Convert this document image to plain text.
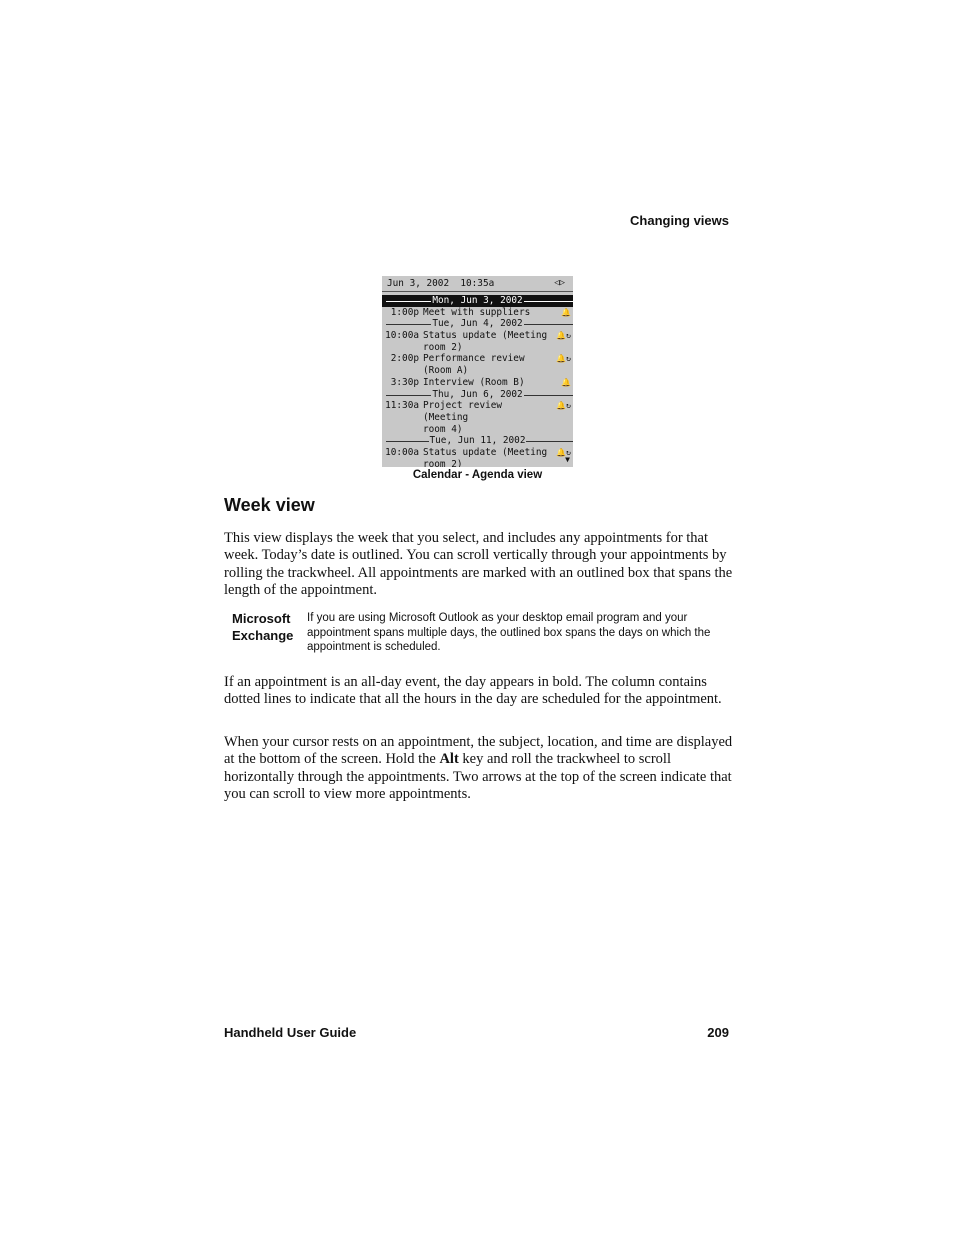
Changing views
Jun 3, 2002  10:35a	◁▷
Mon, Jun 3, 2002
1:00p Meet with suppliers	🔔
Tue, Jun 4, 2002
10:00a Status update (Meeting	🔔↻
room 2)
2:00p Performance review	🔔↻
(Room A)
3:30p Interview (Room B)	🔔
Thu, Jun 6, 2002
11:30a Project review (Meeting
🔔↻
room 4)
Tue, Jun 11, 2002
10:00a Status update (Meeting	🔔↻
room 2)	▼
Calendar - Agenda view
Week view

This view displays the week that you select, and includes any appointments for that week. Today’s date is outlined. You can scroll vertically through your appointments by rolling the trackwheel. All appointments are marked with an outlined box that spans the length of the appointment.

Microsoft
Exchange
If you are using Microsoft Outlook as your desktop email program and your appointment spans multiple days, the outlined box spans the days on which the appointment is scheduled.

If an appointment is an all-day event, the day appears in bold. The column contains dotted lines to indicate that all the hours in the day are scheduled for the appointment.

When your cursor rests on an appointment, the subject, location, and time are displayed at the bottom of the screen. Hold the Alt key and roll the trackwheel to scroll horizontally through the appointments. Two arrows at the top of the screen indicate that you can scroll to view more appointments.

Handheld User Guide	209
